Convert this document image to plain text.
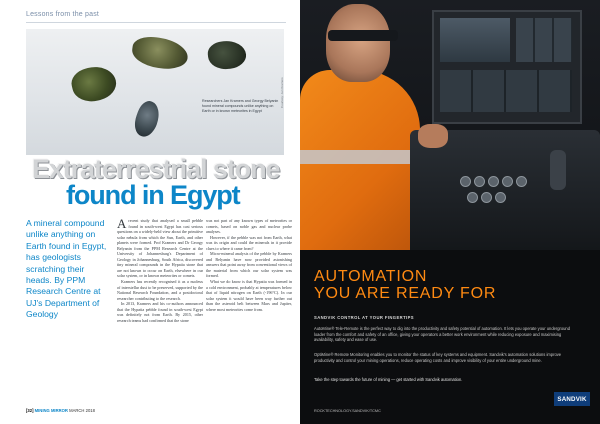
Lessons from the past
Researchers Jan Kramers and Georgy Belyanin found mineral compounds unlike anything on Earth or in known meteorites in Egypt
Courtesy: Jan Kramers
Extraterrestrial stone
found in Egypt
A mineral compound unlike anything on Earth found in Egypt, has geologists scratching their heads. By PPM Research Centre at UJ's Department of Geology

Arecent study that analysed a small pebble found in south-west Egypt has cast serious questions on a widely-held view about the primitive solar nebula from which the Sun, Earth, and other planets were formed. Prof Kramers and Dr Georgy Belyanin from the PPM Research Centre at the University of Johannesburg's Department of Geology in Johannesburg, South Africa, discovered tiny mineral compounds in the Hypatia stone that are not known to occur on Earth, elsewhere in our solar system, or in known meteorites or comets.

Kramers has recently recognised it as a nucleus of interstellar dust to be preserved, supported by the National Research Foundation, and a postdoctoral researcher contributing to the research.

In 2013, Kramers and his co-authors announced that the Hypatia pebble found in south-west Egypt was definitely not from Earth. By 2015, other research teams had confirmed that the stone

was not part of any known types of meteorites or comets, based on noble gas and nuclear probe analyses.

However, if the pebble was not from Earth, what was its origin and could the minerals in it provide clues to where it came from?

Micro-mineral analysis of the pebble by Kramers and Belyanin have now provided astonishing answers that point away from conventional views of the material from which our solar system was formed.

What we do know is that Hypatia was formed in a cold environment, probably at temperatures below that of liquid nitrogen on Earth (-196°C). In our solar system it would have been way further out than the asteroid belt between Mars and Jupiter, where most meteorites come from.

[32] MINING MIRROR MARCH 2018
AUTOMATION
YOU ARE READY FOR
SANDVIK CONTROL AT YOUR FINGERTIPS
AutoMine® Tele-Remote is the perfect way to dig into the productivity and safety potential of automation. It lets you operate your underground loader from the comfort and safety of an office, giving your operators a better work environment while reducing exposure and maximising availability, safety and ease of use.
OptiMine® Remote Monitoring enables you to monitor the status of key systems and equipment. Sandvik's automation solutions improve productivity and control your mining operations, reduce operating costs and improve visibility of your entire underground mine.
Take the step towards the future of mining — get started with Sandvik automation.
ROCKTECHNOLOGY.SANDVIK/TCMC
SANDVIK
